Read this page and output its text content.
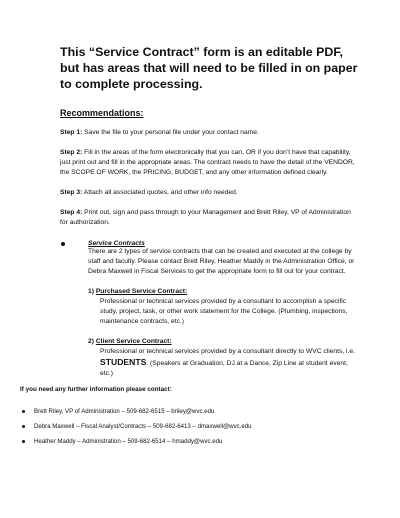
This “Service Contract” form is an editable PDF, but has areas that will need to be filled in on paper to complete processing.

Recommendations:
Step 1: Save the file to your personal file under your contact name.
Step 2: Fill in the areas of the form electronically that you can, OR if you don’t have that capability, just print out and fill in the appropriate areas. The contract needs to have the detail of the VENDOR, the SCOPE OF WORK, the PRICING, BUDGET, and any other information defined clearly.
Step 3: Attach all associated quotes, and other info needed.
Step 4: Print out, sign and pass through to your Management and Brett Riley, VP of Administration for authorization.
Service Contracts
There are 2 types of service contracts that can be created and executed at the college by staff and faculty. Please contact Brett Riley, Heather Maddy in the Administration Office, or Debra Maxwell in Fiscal Services to get the appropriate form to fill out for your contract.
1) Purchased Service Contract:
Professional or technical services provided by a consultant to accomplish a specific study, project, task, or other work statement for the College. (Plumbing, inspections, maintenance contracts, etc.)
2) Client Service Contract:
Professional or technical services provided by a consultant directly to WVC clients, i.e. STUDENTS. (Speakers at Graduation, DJ at a Dance, Zip Line at student event, etc.)
If you need any further information please contact:
Brett Riley, VP of Administration – 509-682-6515 – briley@wvc.edu
Debra Maxwell – Fiscal Analyst/Contracts – 509-682-6413 – dmaxwell@wvc.edu
Heather Maddy – Administration – 509-682-6514 – hmaddy@wvc.edu
